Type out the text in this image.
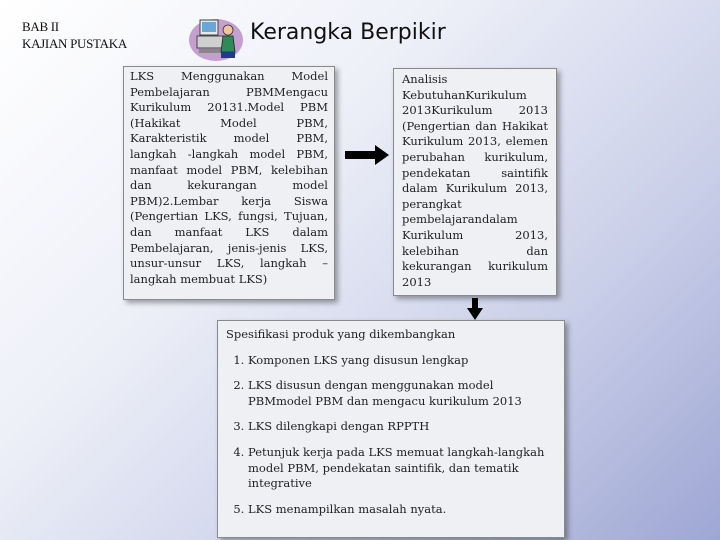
BAB II
KAJIAN PUSTAKA	Kerangka Berpikir
LKS Menggunakan Model Pembelajaran PBMMengacu Kurikulum 20131.Model PBM (Hakikat Model PBM, Karakteristik model PBM, langkah -langkah model PBM, manfaat model PBM, kelebihan dan kekurangan model PBM)2.Lembar kerja Siswa (Pengertian LKS, fungsi, Tujuan, dan manfaat LKS dalam Pembelajaran, jenis-jenis LKS, unsur-unsur LKS, langkah – langkah membuat LKS)
Analisis KebutuhanKurikulum 2013Kurikulum 2013 (Pengertian dan Hakikat Kurikulum 2013, elemen perubahan kurikulum, pendekatan saintifik dalam Kurikulum 2013, perangkat pembelajarandalam Kurikulum 2013, kelebihan dan kekurangan kurikulum 2013
Spesifikasi produk yang dikembangkan
1. Komponen LKS yang disusun lengkap
2. LKS disusun dengan menggunakan model PBMmodel PBM dan mengacu kurikulum 2013
3. LKS dilengkapi dengan RPPTH
4. Petunjuk kerja pada LKS memuat langkah-langkah model PBM, pendekatan saintifik, dan tematik integrative
5. LKS menampilkan masalah nyata.
